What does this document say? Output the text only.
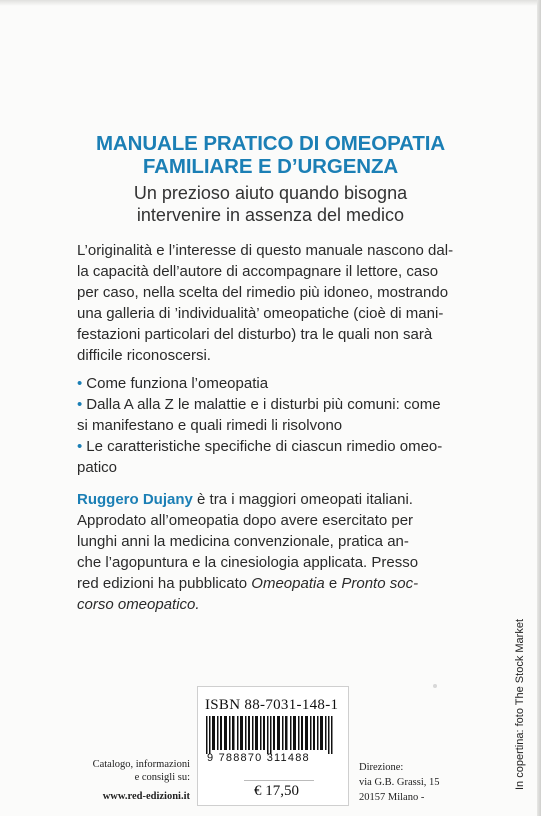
MANUALE PRATICO DI OMEOPATIA
FAMILIARE E D’URGENZA
Un prezioso aiuto quando bisogna
intervenire in assenza del medico
L’originalità e l’interesse di questo manuale nascono dal-
la capacità dell’autore di accompagnare il lettore, caso
per caso, nella scelta del rimedio più idoneo, mostrando
una galleria di ’individualità’ omeopatiche (cioè di mani-
festazioni particolari del disturbo) tra le quali non sarà
difficile riconoscersi.
• Come funziona l’omeopatia
• Dalla A alla Z le malattie e i disturbi più comuni: come
si manifestano e quali rimedi li risolvono
• Le caratteristiche specifiche di ciascun rimedio omeo-
patico
Ruggero Dujany è tra i maggiori omeopati italiani.
Approdato all’omeopatia dopo avere esercitato per
lunghi anni la medicina convenzionale, pratica an-
che l’agopuntura e la cinesiologia applicata. Presso
red edizioni ha pubblicato Omeopatia e Pronto soc-
corso omeopatico.
Catalogo, informazioni
e consigli su:
www.red-edizioni.it
ISBN 88-7031-148-1
9 788870 311488
€ 17,50
Direzione:
via G.B. Grassi, 15
20157 Milano -
In copertina: foto The Stock Market
